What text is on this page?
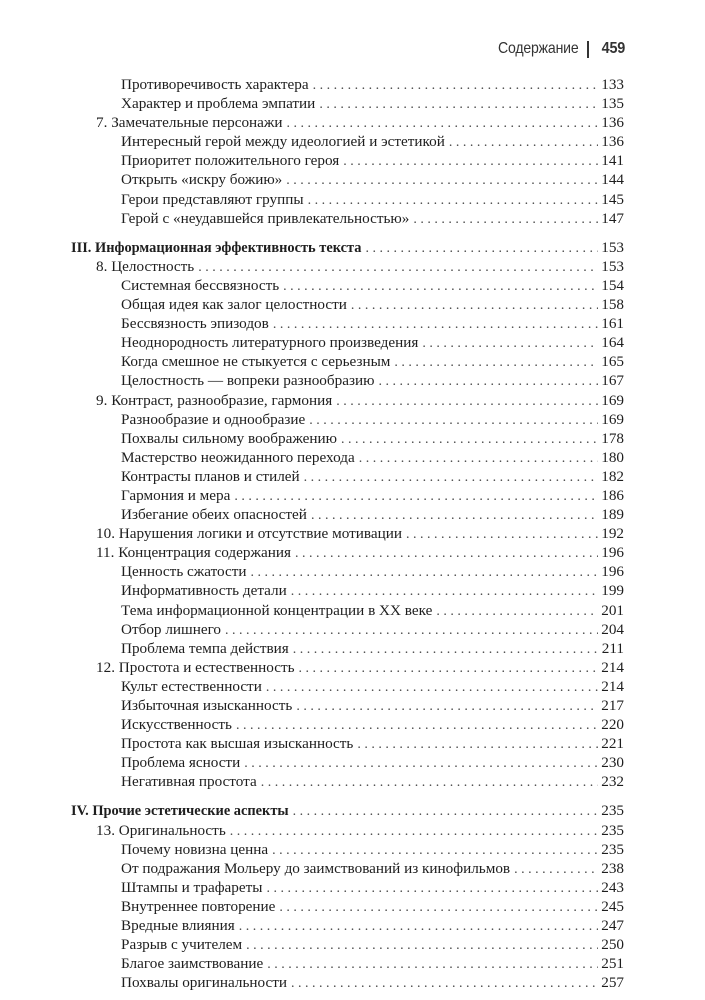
Содержание 459
Противоречивость характера . . .	133
Характер и проблема эмпатии . . .	135
7. Замечательные персонажи . . .	136
Интересный герой между идеологией и эстетикой . . .	136
Приоритет положительного героя . . .	141
Открыть «искру божию» . . .	144
Герои представляют группы . . .	145
Герой с «неудавшейся привлекательностью» . . .	147
III. Информационная эффективность текста . . .	153
8. Целостность . . .	153
Системная бессвязность . . .	154
Общая идея как залог целостности . . .	158
Бессвязность эпизодов . . .	161
Неоднородность литературного произведения . . .	164
Когда смешное не стыкуется с серьезным . . .	165
Целостность — вопреки разнообразию . . .	167
9. Контраст, разнообразие, гармония . . .	169
Разнообразие и однообразие . . .	169
Похвалы сильному воображению . . .	178
Мастерство неожиданного перехода . . .	180
Контрасты планов и стилей . . .	182
Гармония и мера . . .	186
Избегание обеих опасностей . . .	189
10. Нарушения логики и отсутствие мотивации . . .	192
11. Концентрация содержания . . .	196
Ценность сжатости . . .	196
Информативность детали . . .	199
Тема информационной концентрации в XX веке . . .	201
Отбор лишнего . . .	204
Проблема темпа действия . . .	211
12. Простота и естественность . . .	214
Культ естественности . . .	214
Избыточная изысканность . . .	217
Искусственность . . .	220
Простота как высшая изысканность . . .	221
Проблема ясности . . .	230
Негативная простота . . .	232
IV. Прочие эстетические аспекты . . .	235
13. Оригинальность . . .	235
Почему новизна ценна . . .	235
От подражания Мольеру до заимствований из кинофильмов . . .	238
Штампы и трафареты . . .	243
Внутреннее повторение . . .	245
Вредные влияния . . .	247
Разрыв с учителем . . .	250
Благое заимствование . . .	251
Похвалы оригинальности . . .	257
